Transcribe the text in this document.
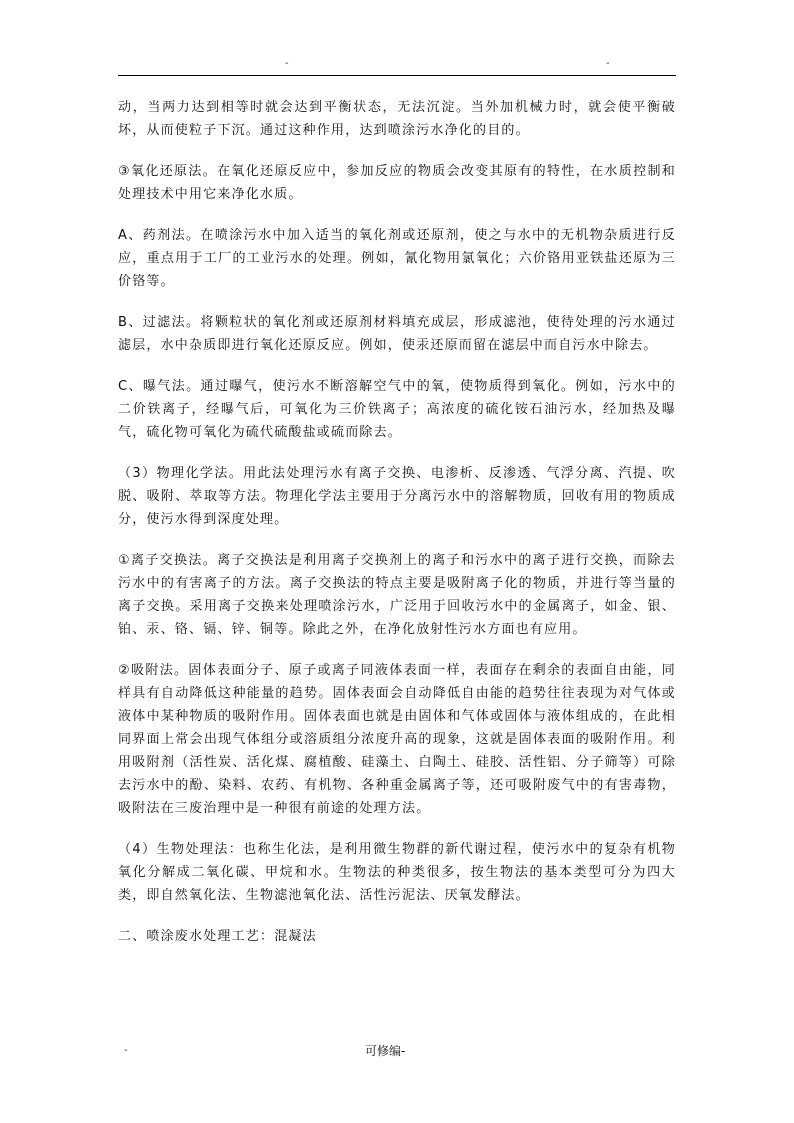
-	-

动，当两力达到相等时就会达到平衡状态，无法沉淀。当外加机械力时，就会使平衡破坏，从而使粒子下沉。通过这种作用，达到喷涂污水净化的目的。

③氧化还原法。在氧化还原反应中，参加反应的物质会改变其原有的特性，在水质控制和处理技术中用它来净化水质。

A、药剂法。在喷涂污水中加入适当的氧化剂或还原剂，使之与水中的无机物杂质进行反应，重点用于工厂的工业污水的处理。例如，氰化物用氯氧化；六价铬用亚铁盐还原为三价铬等。

B、过滤法。将颗粒状的氧化剂或还原剂材料填充成层，形成滤池，使待处理的污水通过滤层，水中杂质即进行氧化还原反应。例如，使汞还原而留在滤层中而自污水中除去。

C、曝气法。通过曝气，使污水不断溶解空气中的氧，使物质得到氧化。例如，污水中的二价铁离子，经曝气后，可氧化为三价铁离子；高浓度的硫化铵石油污水，经加热及曝气，硫化物可氧化为硫代硫酸盐或硫而除去。

（3）物理化学法。用此法处理污水有离子交换、电渗析、反渗透、气浮分离、汽提、吹脱、吸附、萃取等方法。物理化学法主要用于分离污水中的溶解物质，回收有用的物质成分，使污水得到深度处理。

①离子交换法。离子交换法是利用离子交换剂上的离子和污水中的离子进行交换，而除去污水中的有害离子的方法。离子交换法的特点主要是吸附离子化的物质，并进行等当量的离子交换。采用离子交换来处理喷涂污水，广泛用于回收污水中的金属离子，如金、银、铂、汞、铬、镉、锌、铜等。除此之外，在净化放射性污水方面也有应用。

②吸附法。固体表面分子、原子或离子同液体表面一样，表面存在剩余的表面自由能，同样具有自动降低这种能量的趋势。固体表面会自动降低自由能的趋势往往表现为对气体或液体中某种物质的吸附作用。固体表面也就是由固体和气体或固体与液体组成的，在此相同界面上常会出现气体组分或溶质组分浓度升高的现象，这就是固体表面的吸附作用。利用吸附剂（活性炭、活化煤、腐植酸、硅藻土、白陶土、硅胶、活性铝、分子筛等）可除去污水中的酚、染料、农药、有机物、各种重金属离子等，还可吸附废气中的有害毒物，吸附法在三废治理中是一种很有前途的处理方法。

（4）生物处理法：也称生化法，是利用微生物群的新代谢过程，使污水中的复杂有机物氧化分解成二氧化碳、甲烷和水。生物法的种类很多，按生物法的基本类型可分为四大类，即自然氧化法、生物滤池氧化法、活性污泥法、厌氧发酵法。

二、喷涂废水处理工艺：混凝法

-	可修编-
